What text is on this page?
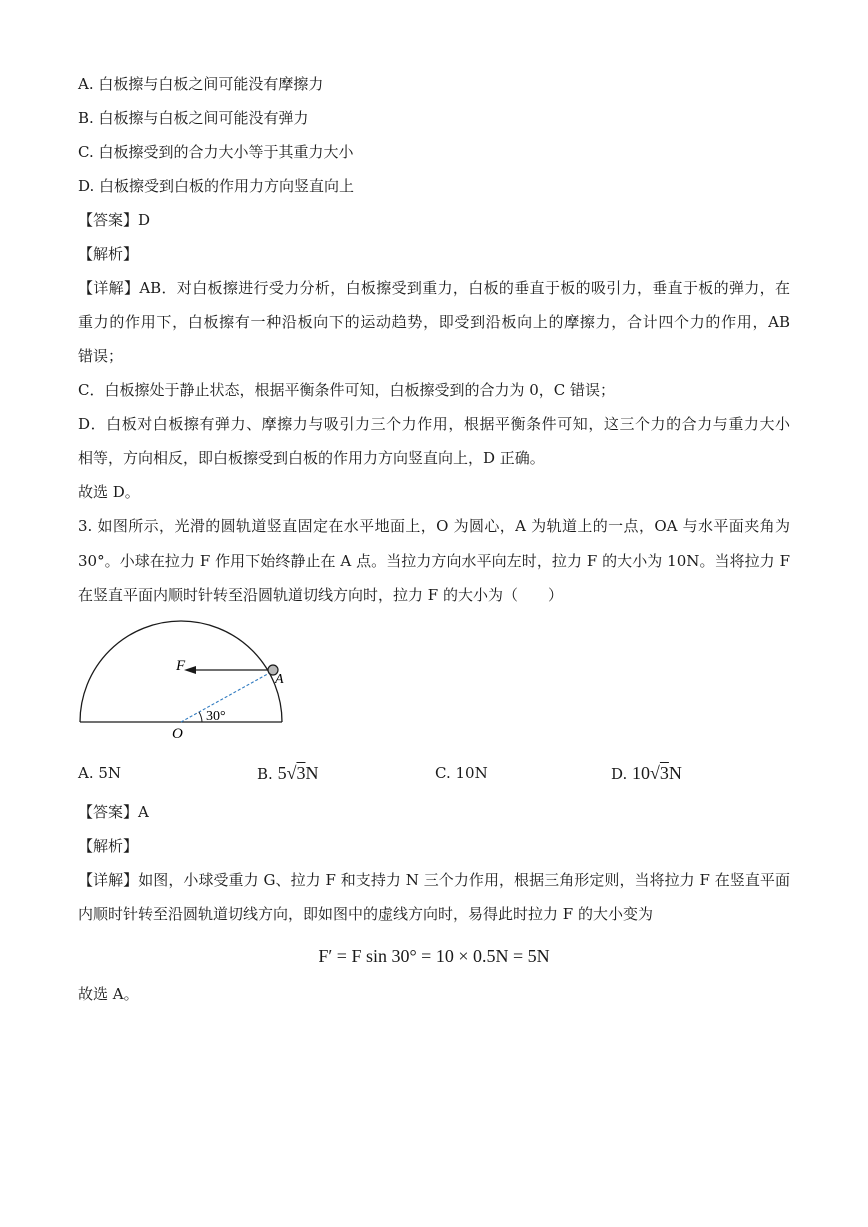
A. 白板擦与白板之间可能没有摩擦力
B. 白板擦与白板之间可能没有弹力
C. 白板擦受到的合力大小等于其重力大小
D. 白板擦受到白板的作用力方向竖直向上
【答案】D
【解析】
【详解】AB．对白板擦进行受力分析，白板擦受到重力，白板的垂直于板的吸引力，垂直于板的弹力，在
重力的作用下，白板擦有一种沿板向下的运动趋势，即受到沿板向上的摩擦力，合计四个力的作用，AB
错误；
C．白板擦处于静止状态，根据平衡条件可知，白板擦受到的合力为 0，C 错误；
D．白板对白板擦有弹力、摩擦力与吸引力三个力作用，根据平衡条件可知，这三个力的合力与重力大小
相等，方向相反，即白板擦受到白板的作用力方向竖直向上，D 正确。
故选 D。
3. 如图所示，光滑的圆轨道竖直固定在水平地面上，O 为圆心，A 为轨道上的一点，OA 与水平面夹角为
30°。小球在拉力 F 作用下始终静止在 A 点。当拉力方向水平向左时，拉力 F 的大小为 10N。当将拉力 F
在竖直平面内顺时针转至沿圆轨道切线方向时，拉力 F 的大小为（　　）
F
A
O
30°
A. 5N	B. 5√3N	C. 10N	D. 10√3N
【答案】A
【解析】
【详解】如图，小球受重力 G、拉力 F 和支持力 N 三个力作用，根据三角形定则，当将拉力 F 在竖直平面
内顺时针转至沿圆轨道切线方向，即如图中的虚线方向时，易得此时拉力 F 的大小变为
F′ = F sin 30° = 10 × 0.5N = 5N
故选 A。
